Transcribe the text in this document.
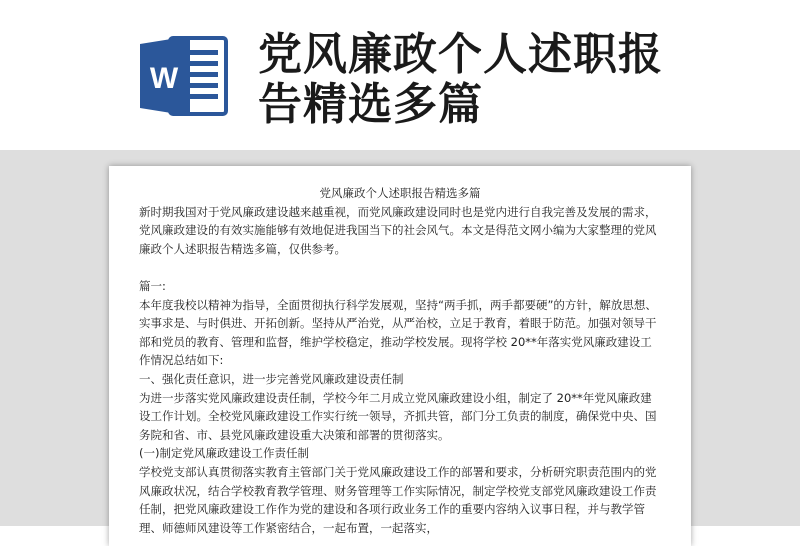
W 党风廉政个人述职报告精选多篇

党风廉政个人述职报告精选多篇

新时期我国对于党风廉政建设越来越重视，而党风廉政建设同时也是党内进行自我完善及发展的需求，党风廉政建设的有效实施能够有效地促进我国当下的社会风气。本文是得范文网小编为大家整理的党风廉政个人述职报告精选多篇，仅供参考。

篇一:

本年度我校以精神为指导，全面贯彻执行科学发展观，坚持“两手抓，两手都要硬”的方针，解放思想、实事求是、与时俱进、开拓创新。坚持从严治党，从严治校，立足于教育，着眼于防范。加强对领导干部和党员的教育、管理和监督，维护学校稳定，推动学校发展。现将学校 20**年落实党风廉政建设工作情况总结如下:

一、强化责任意识，进一步完善党风廉政建设责任制

为进一步落实党风廉政建设责任制，学校今年二月成立党风廉政建设小组，制定了 20**年党风廉政建设工作计划。全校党风廉政建设工作实行统一领导，齐抓共管，部门分工负责的制度，确保党中央、国务院和省、市、县党风廉政建设重大决策和部署的贯彻落实。

(一)制定党风廉政建设工作责任制

学校党支部认真贯彻落实教育主管部门关于党风廉政建设工作的部署和要求，分析研究职责范围内的党风廉政状况，结合学校教育教学管理、财务管理等工作实际情况，制定学校党支部党风廉政建设工作责任制，把党风廉政建设工作作为党的建设和各项行政业务工作的重要内容纳入议事日程，并与教学管理、师德师风建设等工作紧密结合，一起布置，一起落实，
